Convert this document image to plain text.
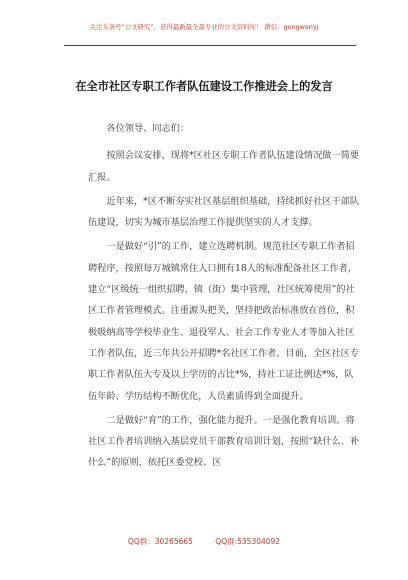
关注头条号“公文研究”，获得最新最全最专业的公文资料库！ 微信：gongwenyj
在全市社区专职工作者队伍建设工作推进会上的发言

各位领导、同志们：

按照会议安排，现将*区社区专职工作者队伍建设情况做一简要汇报。

近年来，*区不断夯实社区基层组织基础，持续抓好社区干部队伍建设，切实为城市基层治理工作提供坚实的人才支撑。

一是做好“引”的工作，建立选聘机制。规范社区专职工作者招聘程序，按照每万城镇常住人口拥有18人的标准配备社区工作者，建立“区级统一组织招聘，镇（街）集中管理，社区统筹使用”的社区工作者管理模式。注重源头把关，坚持把政治标准放在首位，积极吸纳高等学校毕业生、退役军人、社会工作专业人才等加入社区工作者队伍，近三年共公开招聘*名社区工作者，目前，全区社区专职工作者队伍大专及以上学历的占比*%，持社工证比例达*%，队伍年龄、学历结构不断优化，人员素质得到全面提升。

二是做好“育”的工作，强化能力提升。一是强化教育培训。将社区工作者培训纳入基层党员干部教育培训计划，按照“缺什么、补什么”的原则，依托区委党校、区

QQ群：30265665	QQ群:535304092
